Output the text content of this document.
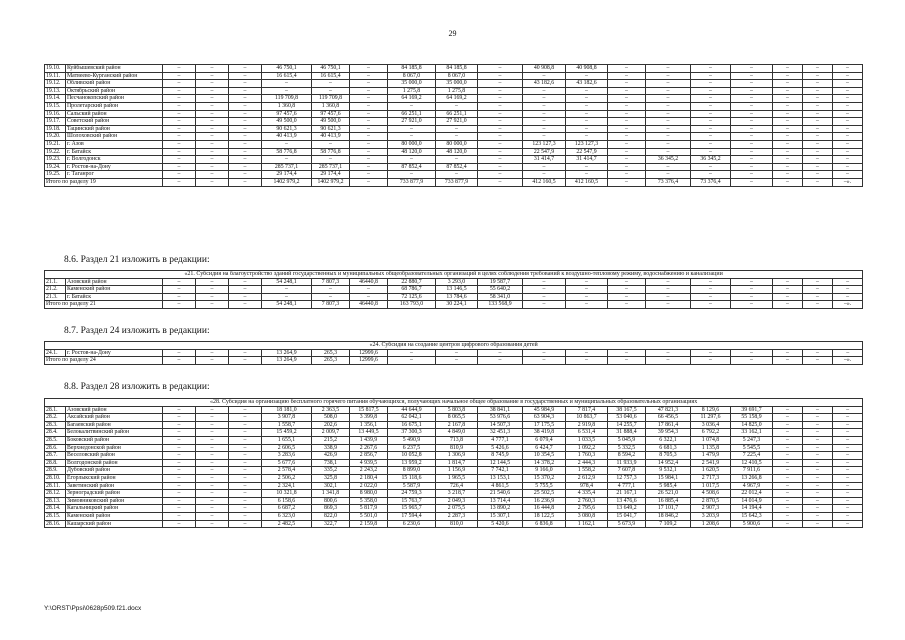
29
19.10.	Куйбышевский район	–	–	–	46 750,1	46 750,1	–	84 185,8	84 185,8	–	40 908,8	40 908,8	–	–	–	–	–	–	–
19.11.	Матвеево-Курганский район	–	–	–	16 615,4	16 615,4	–	8 067,0	8 067,0	–	–	–	–	–	–	–	–	–	–
19.12.	Обливский район	–	–	–	–	–	–	35 000,0	35 000,0	–	43 182,6	43 182,6	–	–	–	–	–	–	–
19.13.	Октябрьский район	–	–	–	–	–	–	1 275,8	1 275,8	–	–	–	–	–	–	–	–	–	–
19.14.	Песчанокопский район	–	–	–	119 709,8	119 709,8	–	64 169,2	64 169,2	–	–	–	–	–	–	–	–	–	–
19.15.	Пролетарский район	–	–	–	1 360,8	1 360,8	–	–	–	–	–	–	–	–	–	–	–	–	–
19.16.	Сальский район	–	–	–	97 457,6	97 457,6	–	66 251,1	66 251,1	–	–	–	–	–	–	–	–	–	–
19.17.	Советский район	–	–	–	49 500,0	49 500,0	–	27 921,0	27 921,0	–	–	–	–	–	–	–	–	–	–
19.18.	Тацинский район	–	–	–	90 621,3	90 621,3	–	–	–	–	–	–	–	–	–	–	–	–	–
19.20.	Шолоховский район	–	–	–	40 413,9	40 413,9	–	–	–	–	–	–	–	–	–	–	–	–	–
19.21.	г. Азов	–	–	–	–	–	–	80 000,0	80 000,0	–	123 127,3	123 127,3	–	–	–	–	–	–	–
19.22.	г. Батайск	–	–	–	58 776,8	58 776,8	–	48 120,0	48 120,0	–	22 547,9	22 547,9	–	–	–	–	–	–	–
19.23.	г. Волгодонск	–	–	–	–	–	–	–	–	–	31 414,7	31 414,7	–	36 345,2	36 345,2	–	–	–	–
19.24.	г. Ростов-на-Дону	–	–	–	285 737,1	285 737,1	–	87 852,4	87 852,4	–	–	–	–	–	–	–	–	–	–
19.25.	г. Таганрог	–	–	–	29 174,4	29 174,4	–	–	–	–	–	–	–	–	–	–	–	–	–
Итого по разделу 19		–	–	–	1402 979,2	1402 979,2	–	733 877,9	733 877,9	–	412 160,5	412 160,5	–	73 376,4	73 376,4	–	–	–	–».
8.6. Раздел 21 изложить в редакции:
«21. Субсидия на благоустройство зданий государственных и муниципальных общеобразовательных организаций в целях соблюдения требований к воздушно-тепловому режиму, водоснабжению и канализации																			
21.1.	Азовский район	–	–	–	54 248,1	7 807,3	46440,8	22 880,7	3 293,0	19 587,7	–	–	–	–	–	–	–	–	–
21.2.	Каменский район	–	–	–	–	–	–	68 786,7	13 146,5	55 640,2	–	–	–	–	–	–	–	–	–
21.3.	г. Батайск	–	–	–	–	–	–	72 125,6	13 784,6	58 341,0	–	–	–	–	–	–	–	–	–
Итого по разделу 21		–	–	–	54 248,1	7 807,3	46440,8	163 793,0	30 224,1	133 568,9	–	–	–	–	–	–	–	–	–».
8.7. Раздел 24 изложить в редакции:
«24. Субсидия на создание центров цифрового образования детей																			
24.1.	г. Ростов-на-Дону	–	–	–	13 264,9	265,3	12999,6	–	–	–	–	–	–	–	–	–	–	–	–
Итого по разделу 24		–	–	–	13 264,9	265,3	12999,6	–	–	–	–	–	–	–	–	–	–	–	–».
8.8. Раздел 28 изложить в редакции:
«28. Субсидия на организацию бесплатного горячего питания обучающихся, получающих начальное общее образование в государственных и муниципальных образовательных организациях																			
28.1.	Азовский район	–	–	–	18 181,0	2 363,5	15 817,5	44 644,9	5 803,8	38 841,1	45 984,9	7 817,4	38 167,5	47 821,3	8 129,6	39 691,7	–	–	–
28.2.	Аксайский район	–	–	–	3 907,8	508,0	3 399,8	62 042,1	8 065,5	53 976,6	63 904,3	10 863,7	53 040,6	66 456,5	11 297,6	55 158,9	–	–	–
28.3.	Багаевский район	–	–	–	1 558,7	202,6	1 356,1	16 675,1	2 167,8	14 507,3	17 175,5	2 919,8	14 255,7	17 861,4	3 036,4	14 825,0	–	–	–
28.4.	Белокалитвинский район	–	–	–	15 459,2	2 009,7	13 449,5	37 300,3	4 849,0	32 451,3	38 419,8	6 531,4	31 888,4	39 954,3	6 792,2	33 162,1	–	–	–
28.5.	Боковский район	–	–	–	1 655,1	215,2	1 439,9	5 490,9	713,8	4 777,1	6 079,4	1 033,5	5 045,9	6 322,1	1 074,8	5 247,3	–	–	–
28.6.	Верхнедонской район	–	–	–	2 606,5	338,9	2 267,6	6 237,5	810,9	5 426,6	6 424,7	1 092,2	5 332,5	6 681,3	1 135,8	5 545,5	–	–	–
28.7.	Веселовский район	–	–	–	3 283,6	426,9	2 856,7	10 052,8	1 306,9	8 745,9	10 354,5	1 760,3	8 594,2	8 705,3	1 479,9	7 225,4	–	–	–
28.8.	Волгодонской район	–	–	–	5 677,6	738,1	4 939,5	13 959,2	1 814,7	12 144,5	14 378,2	2 444,3	11 933,9	14 952,4	2 541,9	12 410,5	–	–	–
28.9.	Дубовский район	–	–	–	2 578,4	335,2	2 243,2	8 899,0	1 156,9	7 742,1	9 166,0	1 558,2	7 607,8	9 532,1	1 620,5	7 911,6	–	–	–
28.10.	Егорлыкский район	–	–	–	2 506,2	325,8	2 180,4	15 118,6	1 965,5	13 153,1	15 370,2	2 612,9	12 757,3	15 984,1	2 717,3	13 266,8	–	–	–
28.11.	Заветинский район	–	–	–	2 324,1	302,1	2 022,0	5 587,9	726,4	4 861,5	5 755,5	978,4	4 777,1	5 985,4	1 017,5	4 967,9	–	–	–
28.12.	Зерноградский район	–	–	–	10 321,8	1 341,8	8 980,0	24 759,3	3 218,7	21 540,6	25 502,5	4 335,4	21 167,1	26 521,0	4 508,6	22 012,4	–	–	–
28.13.	Зимовниковский район	–	–	–	6 158,6	800,6	5 358,0	15 763,7	2 049,3	13 714,4	16 236,9	2 760,3	13 476,6	16 885,4	2 870,5	14 014,9	–	–	–
28.14.	Кагальницкий район	–	–	–	6 687,2	869,3	5 817,9	15 965,7	2 075,5	13 890,2	16 444,8	2 795,6	13 649,2	17 101,7	2 907,3	14 194,4	–	–	–
28.15.	Каменский район	–	–	–	6 323,0	822,0	5 501,0	17 594,4	2 287,3	15 307,1	18 122,5	3 080,8	15 041,7	18 846,2	3 203,9	15 642,3	–	–	–
28.16.	Кашарский район	–	–	–	2 482,5	322,7	2 159,8	6 230,6	810,0	5 420,6	6 836,8	1 162,1	5 673,9	7 109,2	1 208,6	5 900,6	–	–	–
Y:\ORST\Ppsi\0628p509.f21.docx
